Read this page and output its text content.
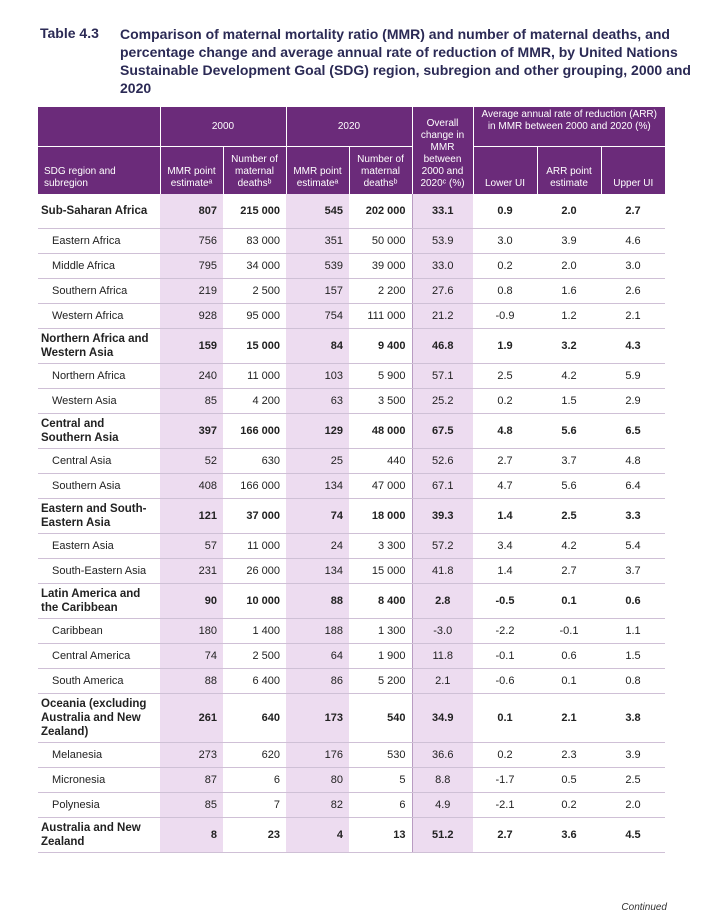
Table 4.3 Comparison of maternal mortality ratio (MMR) and number of maternal deaths, and percentage change and average annual rate of reduction of MMR, by United Nations Sustainable Development Goal (SDG) region, subregion and other grouping, 2000 and 2020
	2000		2020		Overall change in MMR between 2000 and 2020ᶜ (%)	Average annual rate of reduction (ARR) in MMR between 2000 and 2020 (%)		
SDG region and subregion	MMR point estimateᵃ	Number of maternal deathsᵇ	MMR point estimateᵃ	Number of maternal deathsᵇ		Lower UI	ARR point estimate	Upper UI
Sub-Saharan Africa	807	215 000	545	202 000	33.1	0.9	2.0	2.7
Eastern Africa	756	83 000	351	50 000	53.9	3.0	3.9	4.6
Middle Africa	795	34 000	539	39 000	33.0	0.2	2.0	3.0
Southern Africa	219	2 500	157	2 200	27.6	0.8	1.6	2.6
Western Africa	928	95 000	754	111 000	21.2	-0.9	1.2	2.1
Northern Africa and Western Asia	159	15 000	84	9 400	46.8	1.9	3.2	4.3
Northern Africa	240	11 000	103	5 900	57.1	2.5	4.2	5.9
Western Asia	85	4 200	63	3 500	25.2	0.2	1.5	2.9
Central and Southern Asia	397	166 000	129	48 000	67.5	4.8	5.6	6.5
Central Asia	52	630	25	440	52.6	2.7	3.7	4.8
Southern Asia	408	166 000	134	47 000	67.1	4.7	5.6	6.4
Eastern and South-Eastern Asia	121	37 000	74	18 000	39.3	1.4	2.5	3.3
Eastern Asia	57	11 000	24	3 300	57.2	3.4	4.2	5.4
South-Eastern Asia	231	26 000	134	15 000	41.8	1.4	2.7	3.7
Latin America and the Caribbean	90	10 000	88	8 400	2.8	-0.5	0.1	0.6
Caribbean	180	1 400	188	1 300	-3.0	-2.2	-0.1	1.1
Central America	74	2 500	64	1 900	11.8	-0.1	0.6	1.5
South America	88	6 400	86	5 200	2.1	-0.6	0.1	0.8
Oceania (excluding Australia and New Zealand)	261	640	173	540	34.9	0.1	2.1	3.8
Melanesia	273	620	176	530	36.6	0.2	2.3	3.9
Micronesia	87	6	80	5	8.8	-1.7	0.5	2.5
Polynesia	85	7	82	6	4.9	-2.1	0.2	2.0
Australia and New Zealand	8	23	4	13	51.2	2.7	3.6	4.5
Continued
